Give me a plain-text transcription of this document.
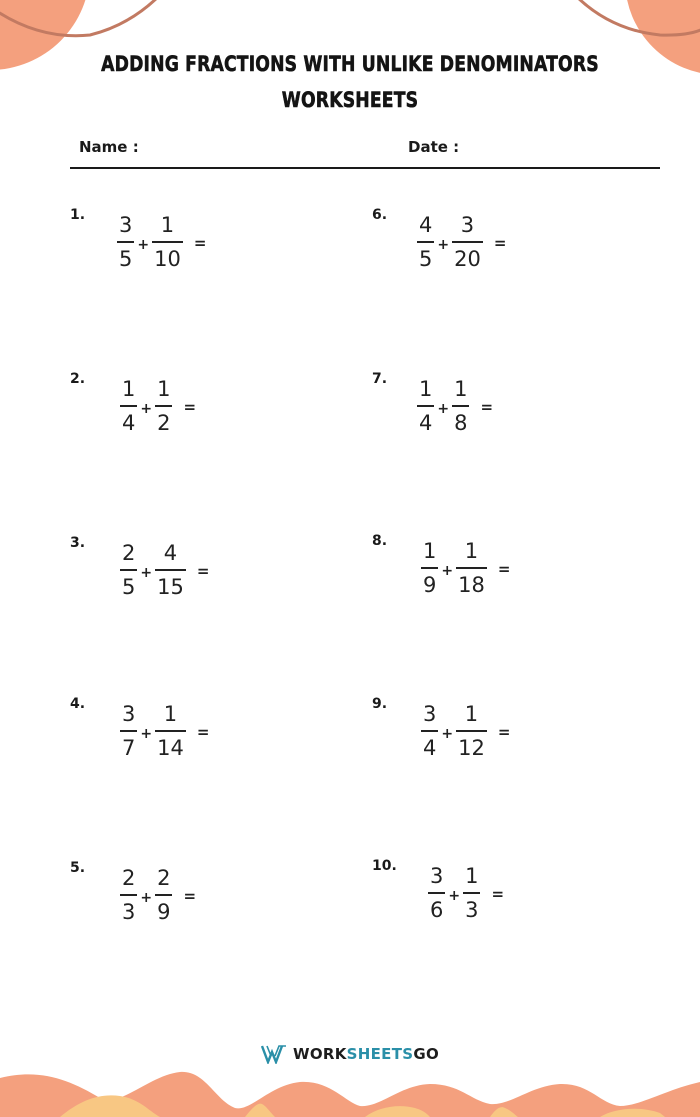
ADDING FRACTIONS WITH UNLIKE DENOMINATORS
WORKSHEETS
Name :	Date :
1. $\frac{3}{5} + \frac{1}{10}$ =
2. $\frac{1}{4} + \frac{1}{2}$ =
3. $\frac{2}{5} + \frac{4}{15}$ =
4. $\frac{3}{7} + \frac{1}{14}$ =
5. $\frac{2}{3} + \frac{2}{9}$ =
6. $\frac{4}{5} + \frac{3}{20}$ =
7. $\frac{1}{4} + \frac{1}{8}$ =
8. $\frac{1}{9} + \frac{1}{18}$ =
9. $\frac{3}{4} + \frac{1}{12}$ =
10. $\frac{3}{6} + \frac{1}{3}$ =
WORKSHEETSGO
